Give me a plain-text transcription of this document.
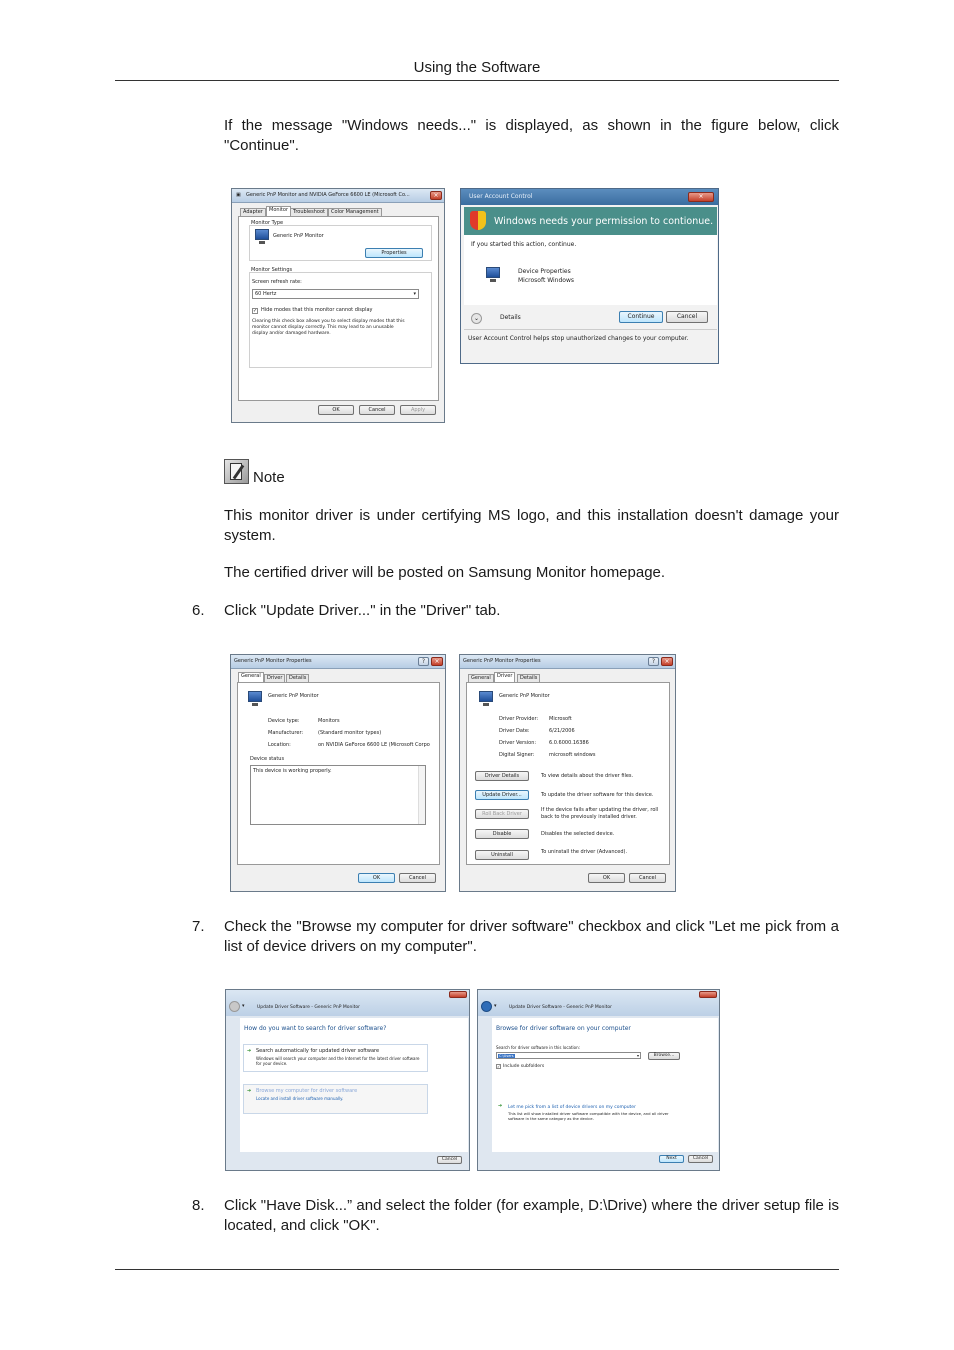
Using the Software
If the message "Windows needs..." is displayed, as shown in the figure below, click "Continue".
▣ Generic PnP Monitor and NVIDIA GeForce 6600 LE (Microsoft Co...	×
Adapter	Monitor Troubleshoot	Color Management
Monitor Type
Generic PnP Monitor
Properties
Monitor Settings
Screen refresh rate:
60 Hertz	▾
✓ Hide modes that this monitor cannot display
Clearing this check box allows you to select display modes that this
monitor cannot display correctly. This may lead to an unusable
display and/or damaged hardware.
OK	Cancel	Apply
User Account Control	×
Windows needs your permission to contionue.
If you started this action, continue.
Device Properties
Microsoft Windows
⌄	Details	Continue	Cancel
User Account Control helps stop unauthorized changes to your computer.
Note
This monitor driver is under certifying MS logo, and this installation doesn't damage your system.
The certified driver will be posted on Samsung Monitor homepage.
6. Click "Update Driver..." in the "Driver" tab.
Generic PnP Monitor Properties	?	×
General	Driver	Details
Generic PnP Monitor
Device type:	Monitors
Manufacturer:	(Standard monitor types)
Location:	on NVIDIA GeForce 6600 LE (Microsoft Corpo
Device status
This device is working properly.
OK	Cancel
Generic PnP Monitor Properties	?	×
General	Driver	Details
Generic PnP Monitor
Driver Provider: Microsoft
Driver Date:	6/21/2006
Driver Version:	6.0.6000.16386
Digital Signer:	microsoft windows
Driver Details	To view details about the driver files.
Update Driver...	To update the driver software for this device.
Roll Back Driver
If the device fails after updating the driver, roll
back to the previously installed driver.
Disable	Disables the selected device.
Uninstall	To uninstall the driver (Advanced).
OK	Cancel
7. Check the "Browse my computer for driver software" checkbox and click "Let me pick from a list of device drivers on my computer".
▾	Update Driver Software - Generic PnP Monitor
How do you want to search for driver software?
➔ Search automatically for updated driver software
Windows will search your computer and the Internet for the latest driver software
for your device.
➔ Browse my computer for driver software
Locate and install driver software manually.
Cancel
▾	Update Driver Software - Generic PnP Monitor
Browse for driver software on your computer
Search for driver software in this location:
C:\Users	▾	Browse...
✓ Include subfolders
➔ Let me pick from a list of device drivers on my computer
This list will show installed driver software compatible with the device, and all driver
software in the same category as the device.
Next	Cancel
8. Click "Have Disk...” and select the folder (for example, D:\Drive) where the driver setup file is located, and click "OK".
